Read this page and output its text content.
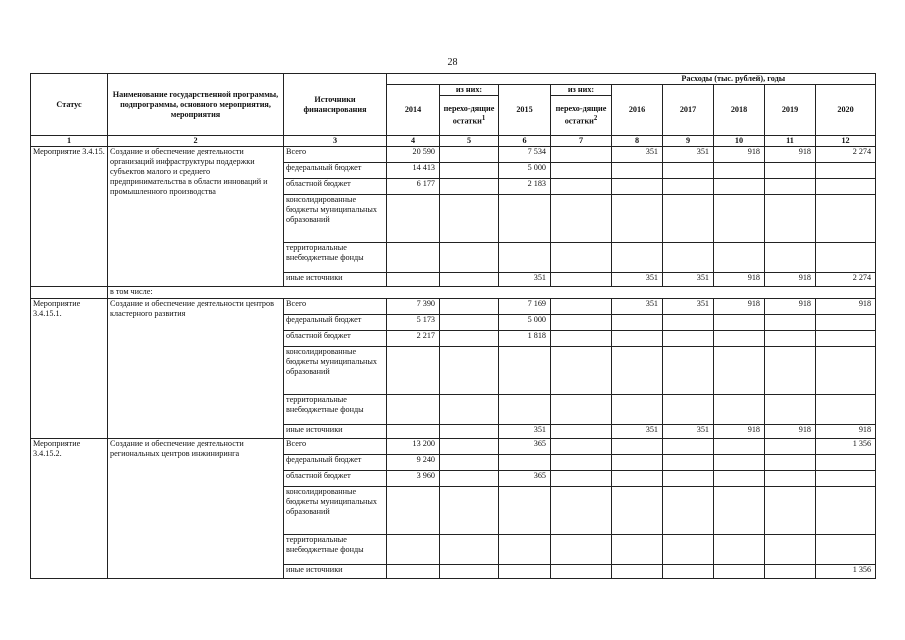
28
Статус	Наименование государственной программы, подпрограммы, основного мероприятия, мероприятия	Источники финансирования	Расходы (тыс. рублей), годы								
			2014	из них:	2015	из них:	2016	2017	2018	2019	2020
				перехо-дящие остатки$^1$		перехо-дящие остатки$^2$
1	2	3	4	5	6	7	8	9	10	11	12
Мероприятие 3.4.15.	Создание и обеспечение деятельности организаций инфраструктуры поддержки субъектов малого и среднего предпринимательства в области инноваций и промышленного производства	Всего	20 590		7 534		351	351	918	918	2 274
		федеральный бюджет	14 413		5 000						
		областной бюджет	6 177		2 183						
		консолидированные бюджеты муниципальных образований									
		территориальные внебюджетные фонды									
		иные источники			351		351	351	918	918	2 274
	в том числе:										
Мероприятие 3.4.15.1.	Создание и обеспечение деятельности центров кластерного развития	Всего	7 390		7 169		351	351	918	918	918
		федеральный бюджет	5 173		5 000						
		областной бюджет	2 217		1 818						
		консолидированные бюджеты муниципальных образований									
		территориальные внебюджетные фонды									
		иные источники			351		351	351	918	918	918
Мероприятие 3.4.15.2.	Создание и обеспечение деятельности региональных центров инжиниринга	Всего	13 200		365						1 356
		федеральный бюджет	9 240								
		областной бюджет	3 960		365						
		консолидированные бюджеты муниципальных образований									
		территориальные внебюджетные фонды									
		иные источники									1 356
